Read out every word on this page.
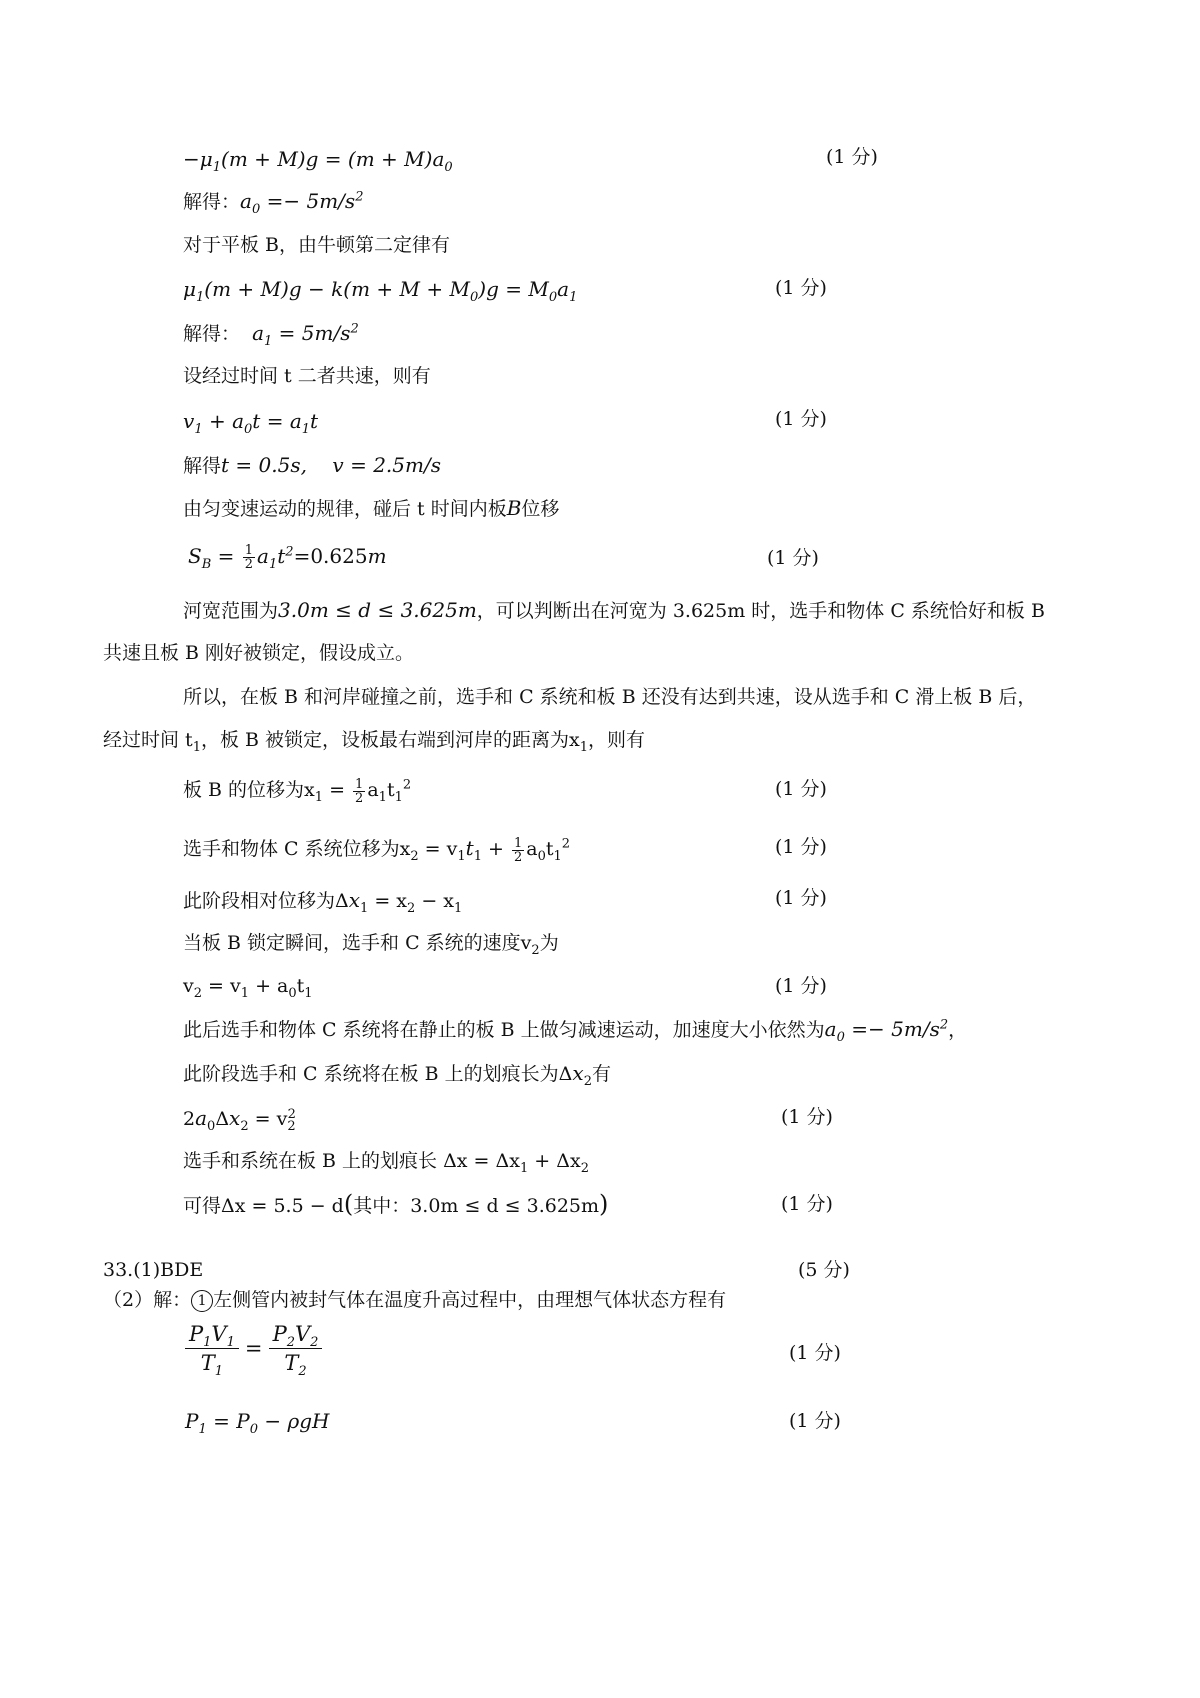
$-\mu_1(m + M)g = (m + M)a_0$	(1 分)
解得：$a_0 =- 5m/s^2$
对于平板 B，由牛顿第二定律有
$\mu_1(m + M)g - k(m + M + M_0)g = M_0a_1$	(1 分)
解得： $a_1 = 5m/s^2$
设经过时间 t 二者共速，则有
$v_1 + a_0t = a_1t$	(1 分)
解得t = 0.5s,    v = 2.5m/s
由匀变速运动的规律，碰后 t 时间内板B位移
$S_B = \frac{1}{2} a_1t^2=0.625m$	(1 分)
河宽范围为3.0m ≤ d ≤ 3.625m，可以判断出在河宽为 3.625m 时，选手和物体 C 系统恰好和板 B
共速且板 B 刚好被锁定，假设成立。
所以，在板 B 和河岸碰撞之前，选手和 C 系统和板 B 还没有达到共速，设从选手和 C 滑上板 B 后，
经过时间 $t_1$，板 B 被锁定，设板最右端到河岸的距离为$x_1$，则有
板 B 的位移为$x_1 = \frac{1}{2} a_1t_1^2$	(1 分)
选手和物体 C 系统位移为$x_2 = v_1t_1 + \frac{1}{2} a_0t_1^2$	(1 分)
此阶段相对位移为$\Delta x_1 = x_2 - x_1$	(1 分)
当板 B 锁定瞬间，选手和 C 系统的速度$v_2$为
$v_2 = v_1 + a_0t_1$	(1 分)
此后选手和物体 C 系统将在静止的板 B 上做匀减速运动，加速度大小依然为$a_0 =- 5m/s^2$，
此阶段选手和 C 系统将在板 B 上的划痕长为$\Delta x_2$有
$2a_0\Delta x_2 = v_2^2$	(1 分)
选手和系统在板 B 上的划痕长 $\Delta x = \Delta x_1 + \Delta x_2$
可得Δx = 5.5 − d(其中：3.0m ≤ d ≤ 3.625m)	(1 分)
33.(1)BDE	(5 分)
（2）解： 1 左侧管内被封气体在温度升高过程中，由理想气体状态方程有
$\frac{P_1V_1}{T_1} = \frac{P_2V_2}{T_2}$	(1 分)
$P_1 = P_0 - \rho gH$	(1 分)
